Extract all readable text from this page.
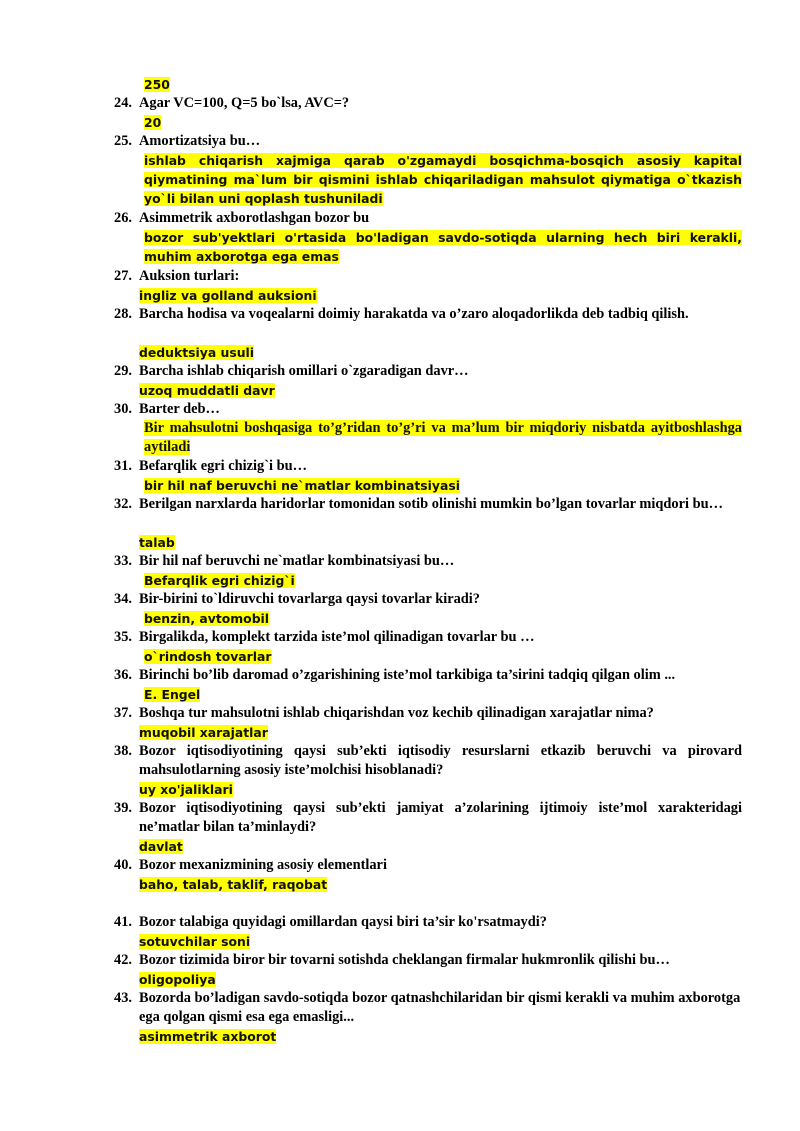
250
24. Agar VC=100, Q=5 bo`lsa, AVC=?
20
25. Amortizatsiya bu…
ishlab chiqarish xajmiga qarab o'zgamaydi bosqichma-bosqich asosiy kapital qiymatining ma`lum bir qismini ishlab chiqariladigan mahsulot qiymatiga o`tkazish yo`li bilan uni qoplash tushuniladi
26. Asimmetrik axborotlashgan bozor bu
bozor sub'yektlari o'rtasida bo'ladigan savdo-sotiqda ularning hech biri kerakli, muhim axborotga ega emas
27. Auksion turlari:
ingliz va golland auksioni
28. Barcha hodisa va voqealarni doimiy harakatda va o’zaro aloqadorlikda deb tadbiq qilish.
deduktsiya usuli
29. Barcha ishlab chiqarish omillari o`zgaradigan davr…
uzoq muddatli davr
30. Barter deb…
Bir mahsulotni boshqasiga to’g’ridan to’g’ri va ma’lum bir miqdoriy nisbatda ayitboshlashga aytiladi
31. Befarqlik egri chizig`i bu…
bir hil naf beruvchi ne`matlar kombinatsiyasi
32. Berilgan narxlarda haridorlar tomonidan sotib olinishi mumkin bo’lgan tovarlar miqdori bu…
talab
33. Bir hil naf beruvchi ne`matlar kombinatsiyasi bu…
Befarqlik egri chizig`i
34. Bir-birini to`ldiruvchi tovarlarga qaysi tovarlar kiradi?
benzin, avtomobil
35. Birgalikda, komplekt tarzida iste’mol qilinadigan tovarlar bu …
o`rindosh tovarlar
36. Birinchi bo’lib daromad o’zgarishining iste’mol tarkibiga ta’sirini tadqiq qilgan olim ...
E. Engel
37. Boshqa tur mahsulotni ishlab chiqarishdan voz kechib qilinadigan xarajatlar nima?
muqobil xarajatlar
38. Bozor iqtisodiyotining qaysi sub’ekti iqtisodiy resurslarni etkazib beruvchi va pirovard mahsulotlarning asosiy iste’molchisi hisoblanadi?
uy xo'jaliklari
39. Bozor iqtisodiyotining qaysi sub’ekti jamiyat a’zolarining ijtimoiy iste’mol xarakteridagi ne’matlar bilan ta’minlaydi?
davlat
40. Bozor mexanizmining asosiy elementlari
baho, talab, taklif, raqobat
41. Bozor talabiga quyidagi omillardan qaysi biri ta’sir ko'rsatmaydi?
sotuvchilar soni
42. Bozor tizimida biror bir tovarni sotishda cheklangan firmalar hukmronlik qilishi bu…
oligopoliya
43. Bozorda bo’ladigan savdo-sotiqda bozor qatnashchilaridan bir qismi kerakli va muhim axborotga ega qolgan qismi esa ega emasligi...
asimmetrik axborot
